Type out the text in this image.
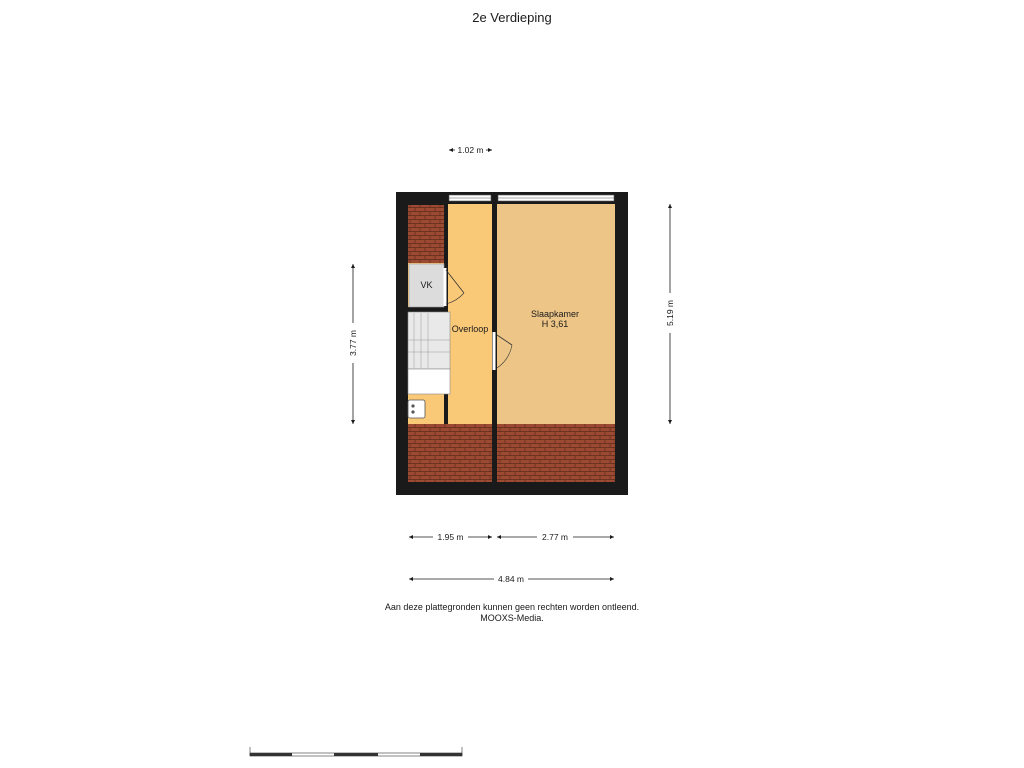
2e Verdieping
VK
Overloop
Slaapkamer
H 3,61
1.02 m
3.77 m
5.19 m
1.95 m	2.77 m
4.84 m
Aan deze plattegronden kunnen geen rechten worden ontleend.
MOOXS-Media.
